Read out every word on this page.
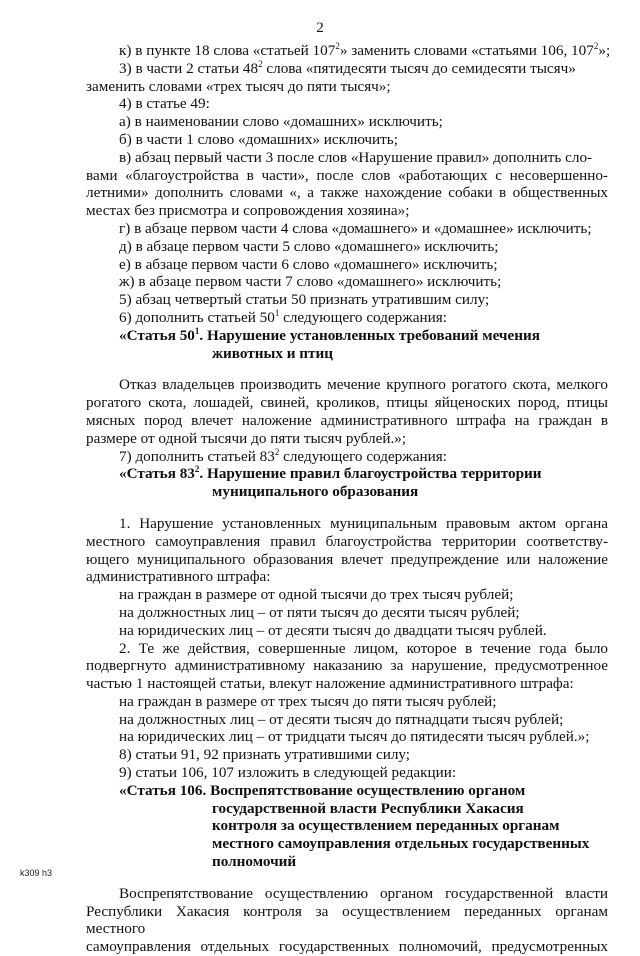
2
к) в пункте 18 слова «статьей $107^2$» заменить словами «статьями 106, $107^2$»;
3) в части 2 статьи $48^2$ слова «пятидесяти тысяч до семидесяти тысяч»
заменить словами «трех тысяч до пяти тысяч»;
4) в статье 49:
а) в наименовании слово «домашних» исключить;
б) в части 1 слово «домашних» исключить;
в) абзац первый части 3 после слов «Нарушение правил» дополнить сло-
вами «благоустройства в части», после слов «работающих с несовершенно-
летними» дополнить словами «, а также нахождение собаки в общественных
местах без присмотра и сопровождения хозяина»;
г) в абзаце первом части 4 слова «домашнего» и «домашнее» исключить;
д) в абзаце первом части 5 слово «домашнего» исключить;
е) в абзаце первом части 6 слово «домашнего» исключить;
ж) в абзаце первом части 7 слово «домашнего» исключить;
5) абзац четвертый статьи 50 признать утратившим силу;
6) дополнить статьей $50^1$ следующего содержания:
«Статья $50^1$. Нарушение установленных требований мечения
животных и птиц
Отказ владельцев производить мечение крупного рогатого скота, мелкого
рогатого скота, лошадей, свиней, кроликов, птицы яйценоских пород, птицы
мясных пород влечет наложение административного штрафа на граждан в
размере от одной тысячи до пяти тысяч рублей.»;
7) дополнить статьей $83^2$ следующего содержания:
«Статья $83^2$. Нарушение правил благоустройства территории
муниципального образования
1. Нарушение установленных муниципальным правовым актом органа
местного самоуправления правил благоустройства территории соответству-
ющего муниципального образования влечет предупреждение или наложение
административного штрафа:
на граждан в размере от одной тысячи до трех тысяч рублей;
на должностных лиц – от пяти тысяч до десяти тысяч рублей;
на юридических лиц – от десяти тысяч до двадцати тысяч рублей.
2. Те же действия, совершенные лицом, которое в течение года было
подвергнуто административному наказанию за нарушение, предусмотренное
частью 1 настоящей статьи, влекут наложение административного штрафа:
на граждан в размере от трех тысяч до пяти тысяч рублей;
на должностных лиц – от десяти тысяч до пятнадцати тысяч рублей;
на юридических лиц – от тридцати тысяч до пятидесяти тысяч рублей.»;
8) статьи 91, 92 признать утратившими силу;
9) статьи 106, 107 изложить в следующей редакции:
«Статья 106. Воспрепятствование осуществлению органом
государственной власти Республики Хакасия
контроля за осуществлением переданных органам
местного самоуправления отдельных государственных
полномочий
Воспрепятствование осуществлению органом государственной власти
Республики Хакасия контроля за осуществлением переданных органам местного
самоуправления отдельных государственных полномочий, предусмотренных
k309 h3
